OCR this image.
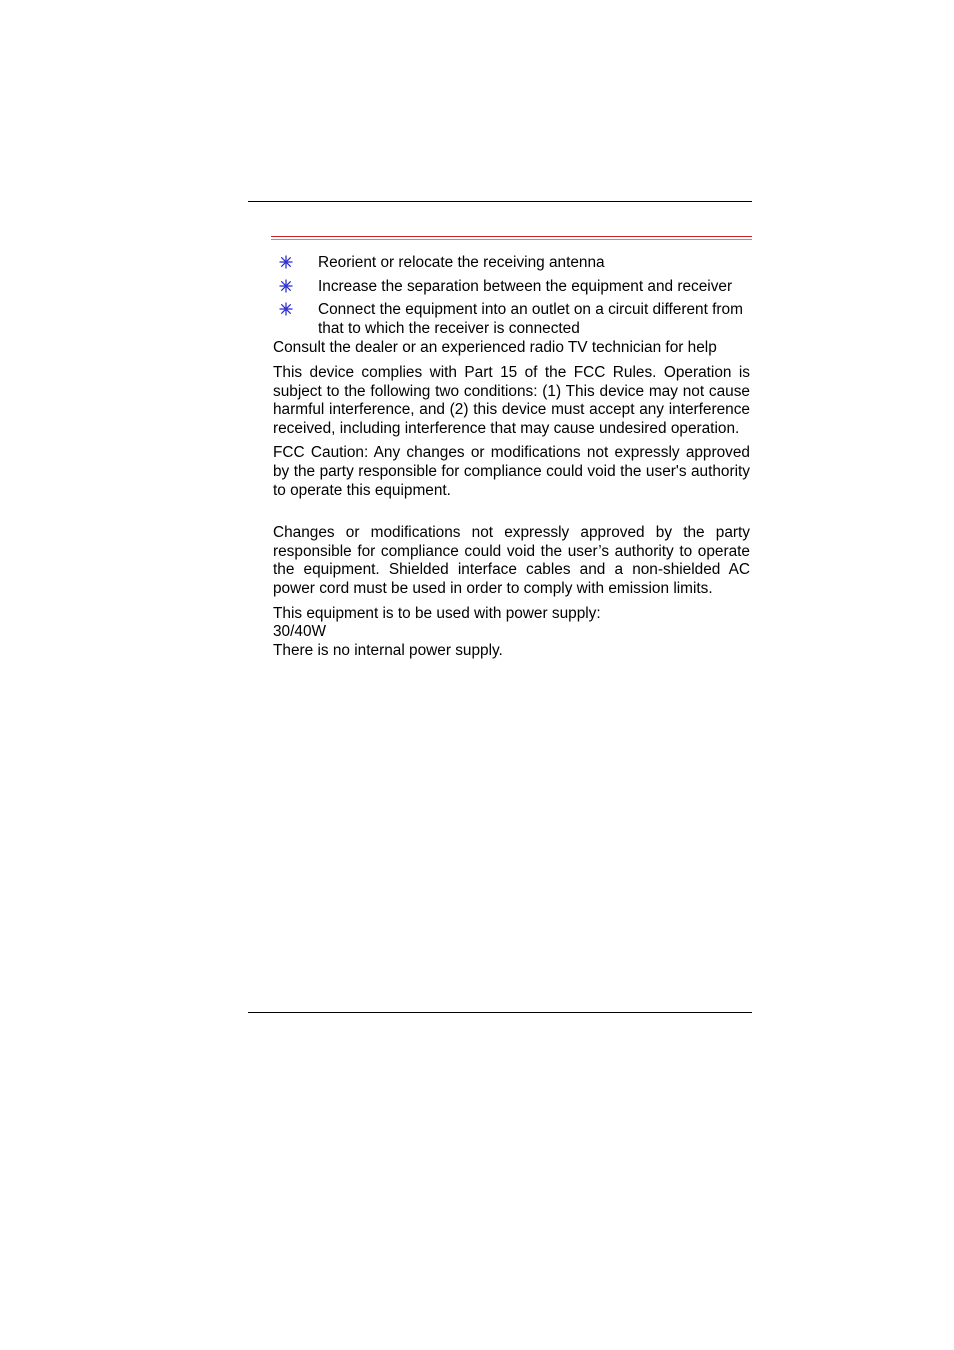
Reorient or relocate the receiving antenna
Increase the separation between the equipment and receiver
Connect the equipment into an outlet on a circuit different from that to which the receiver is connected

Consult the dealer or an experienced radio TV technician for help

This device complies with Part 15 of the FCC Rules. Operation is subject to the following two conditions: (1) This device may not cause harmful interference, and (2) this device must accept any interference received, including interference that may cause undesired operation.

FCC Caution: Any changes or modifications not expressly approved by the party responsible for compliance could void the user's authority to operate this equipment.

Changes or modifications not expressly approved by the party responsible for compliance could void the user’s authority to operate the equipment. Shielded interface cables and a non-shielded AC power cord must be used in order to comply with emission limits.

This equipment is to be used with power supply:
30/40W
There is no internal power supply.
